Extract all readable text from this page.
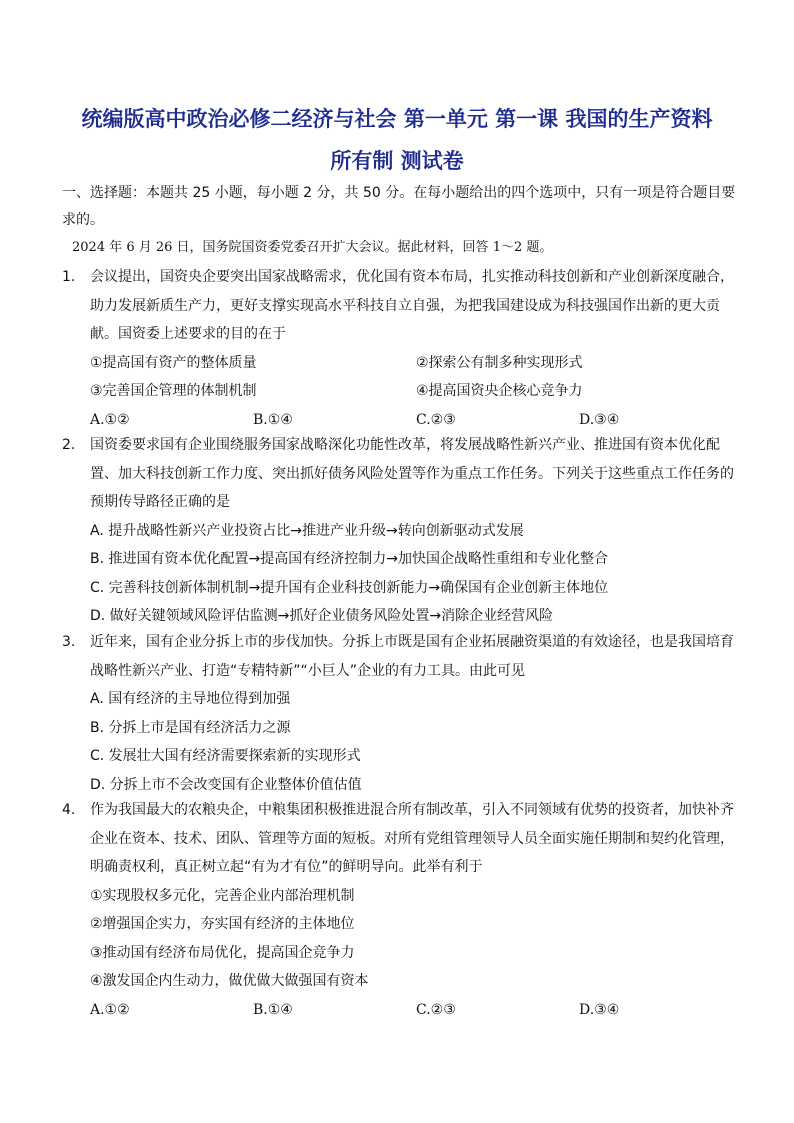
统编版高中政治必修二经济与社会 第一单元 第一课 我国的生产资料
所有制 测试卷
一、选择题：本题共 25 小题，每小题 2 分，共 50 分。在每小题给出的四个选项中，只有一项是符合题目要求的。
2024 年 6 月 26 日，国务院国资委党委召开扩大会议。据此材料，回答 1～2 题。
1.	会议提出，国资央企要突出国家战略需求，优化国有资本布局，扎实推动科技创新和产业创新深度融合，助力发展新质生产力，更好支撑实现高水平科技自立自强，为把我国建设成为科技强国作出新的更大贡献。国资委上述要求的目的在于
①提高国有资产的整体质量	②探索公有制多种实现形式
③完善国企管理的体制机制	④提高国资央企核心竞争力
A.①②	B.①④	C.②③	D.③④
2.	国资委要求国有企业围绕服务国家战略深化功能性改革，将发展战略性新兴产业、推进国有资本优化配置、加大科技创新工作力度、突出抓好债务风险处置等作为重点工作任务。下列关于这些重点工作任务的预期传导路径正确的是
A. 提升战略性新兴产业投资占比→推进产业升级→转向创新驱动式发展
B. 推进国有资本优化配置→提高国有经济控制力→加快国企战略性重组和专业化整合
C. 完善科技创新体制机制→提升国有企业科技创新能力→确保国有企业创新主体地位
D. 做好关键领域风险评估监测→抓好企业债务风险处置→消除企业经营风险
3.	近年来，国有企业分拆上市的步伐加快。分拆上市既是国有企业拓展融资渠道的有效途径，也是我国培育战略性新兴产业、打造“专精特新”“小巨人”企业的有力工具。由此可见
A. 国有经济的主导地位得到加强
B. 分拆上市是国有经济活力之源
C. 发展壮大国有经济需要探索新的实现形式
D. 分拆上市不会改变国有企业整体价值估值
4.	作为我国最大的农粮央企，中粮集团积极推进混合所有制改革，引入不同领域有优势的投资者，加快补齐企业在资本、技术、团队、管理等方面的短板。对所有党组管理领导人员全面实施任期制和契约化管理，明确责权利，真正树立起“有为才有位”的鲜明导向。此举有利于
①实现股权多元化，完善企业内部治理机制
②增强国企实力，夯实国有经济的主体地位
③推动国有经济布局优化，提高国企竞争力
④激发国企内生动力，做优做大做强国有资本
A.①②	B.①④	C.②③	D.③④
